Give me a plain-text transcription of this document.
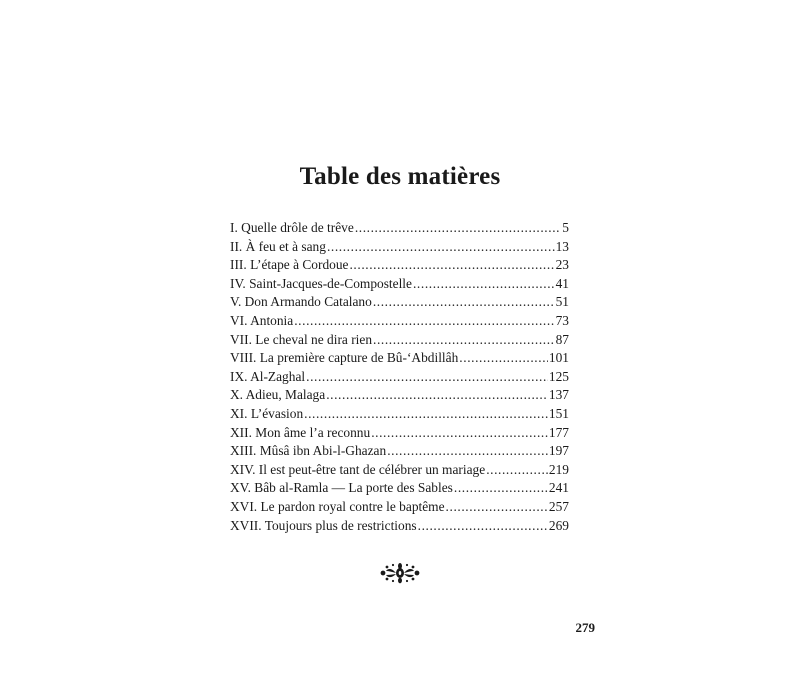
Table des matières
I. Quelle drôle de trêve .....	5
II. À feu et à sang .....	13
III. L’étape à Cordoue .....	23
IV. Saint-Jacques-de-Compostelle .....	41
V. Don Armando Catalano .....	51
VI. Antonia .....	73
VII. Le cheval ne dira rien .....	87
VIII. La première capture de Bû-‘Abdillâh .....	101
IX. Al-Zaghal .....	125
X. Adieu, Malaga .....	137
XI. L’évasion .....	151
XII. Mon âme l’a reconnu .....	177
XIII. Mûsâ ibn Abi-l-Ghazan .....	197
XIV. Il est peut-être tant de célébrer un mariage .....	219
XV. Bâb al-Ramla — La porte des Sables .....	241
XVI. Le pardon royal contre le baptême .....	257
XVII. Toujours plus de restrictions .....	269
279
